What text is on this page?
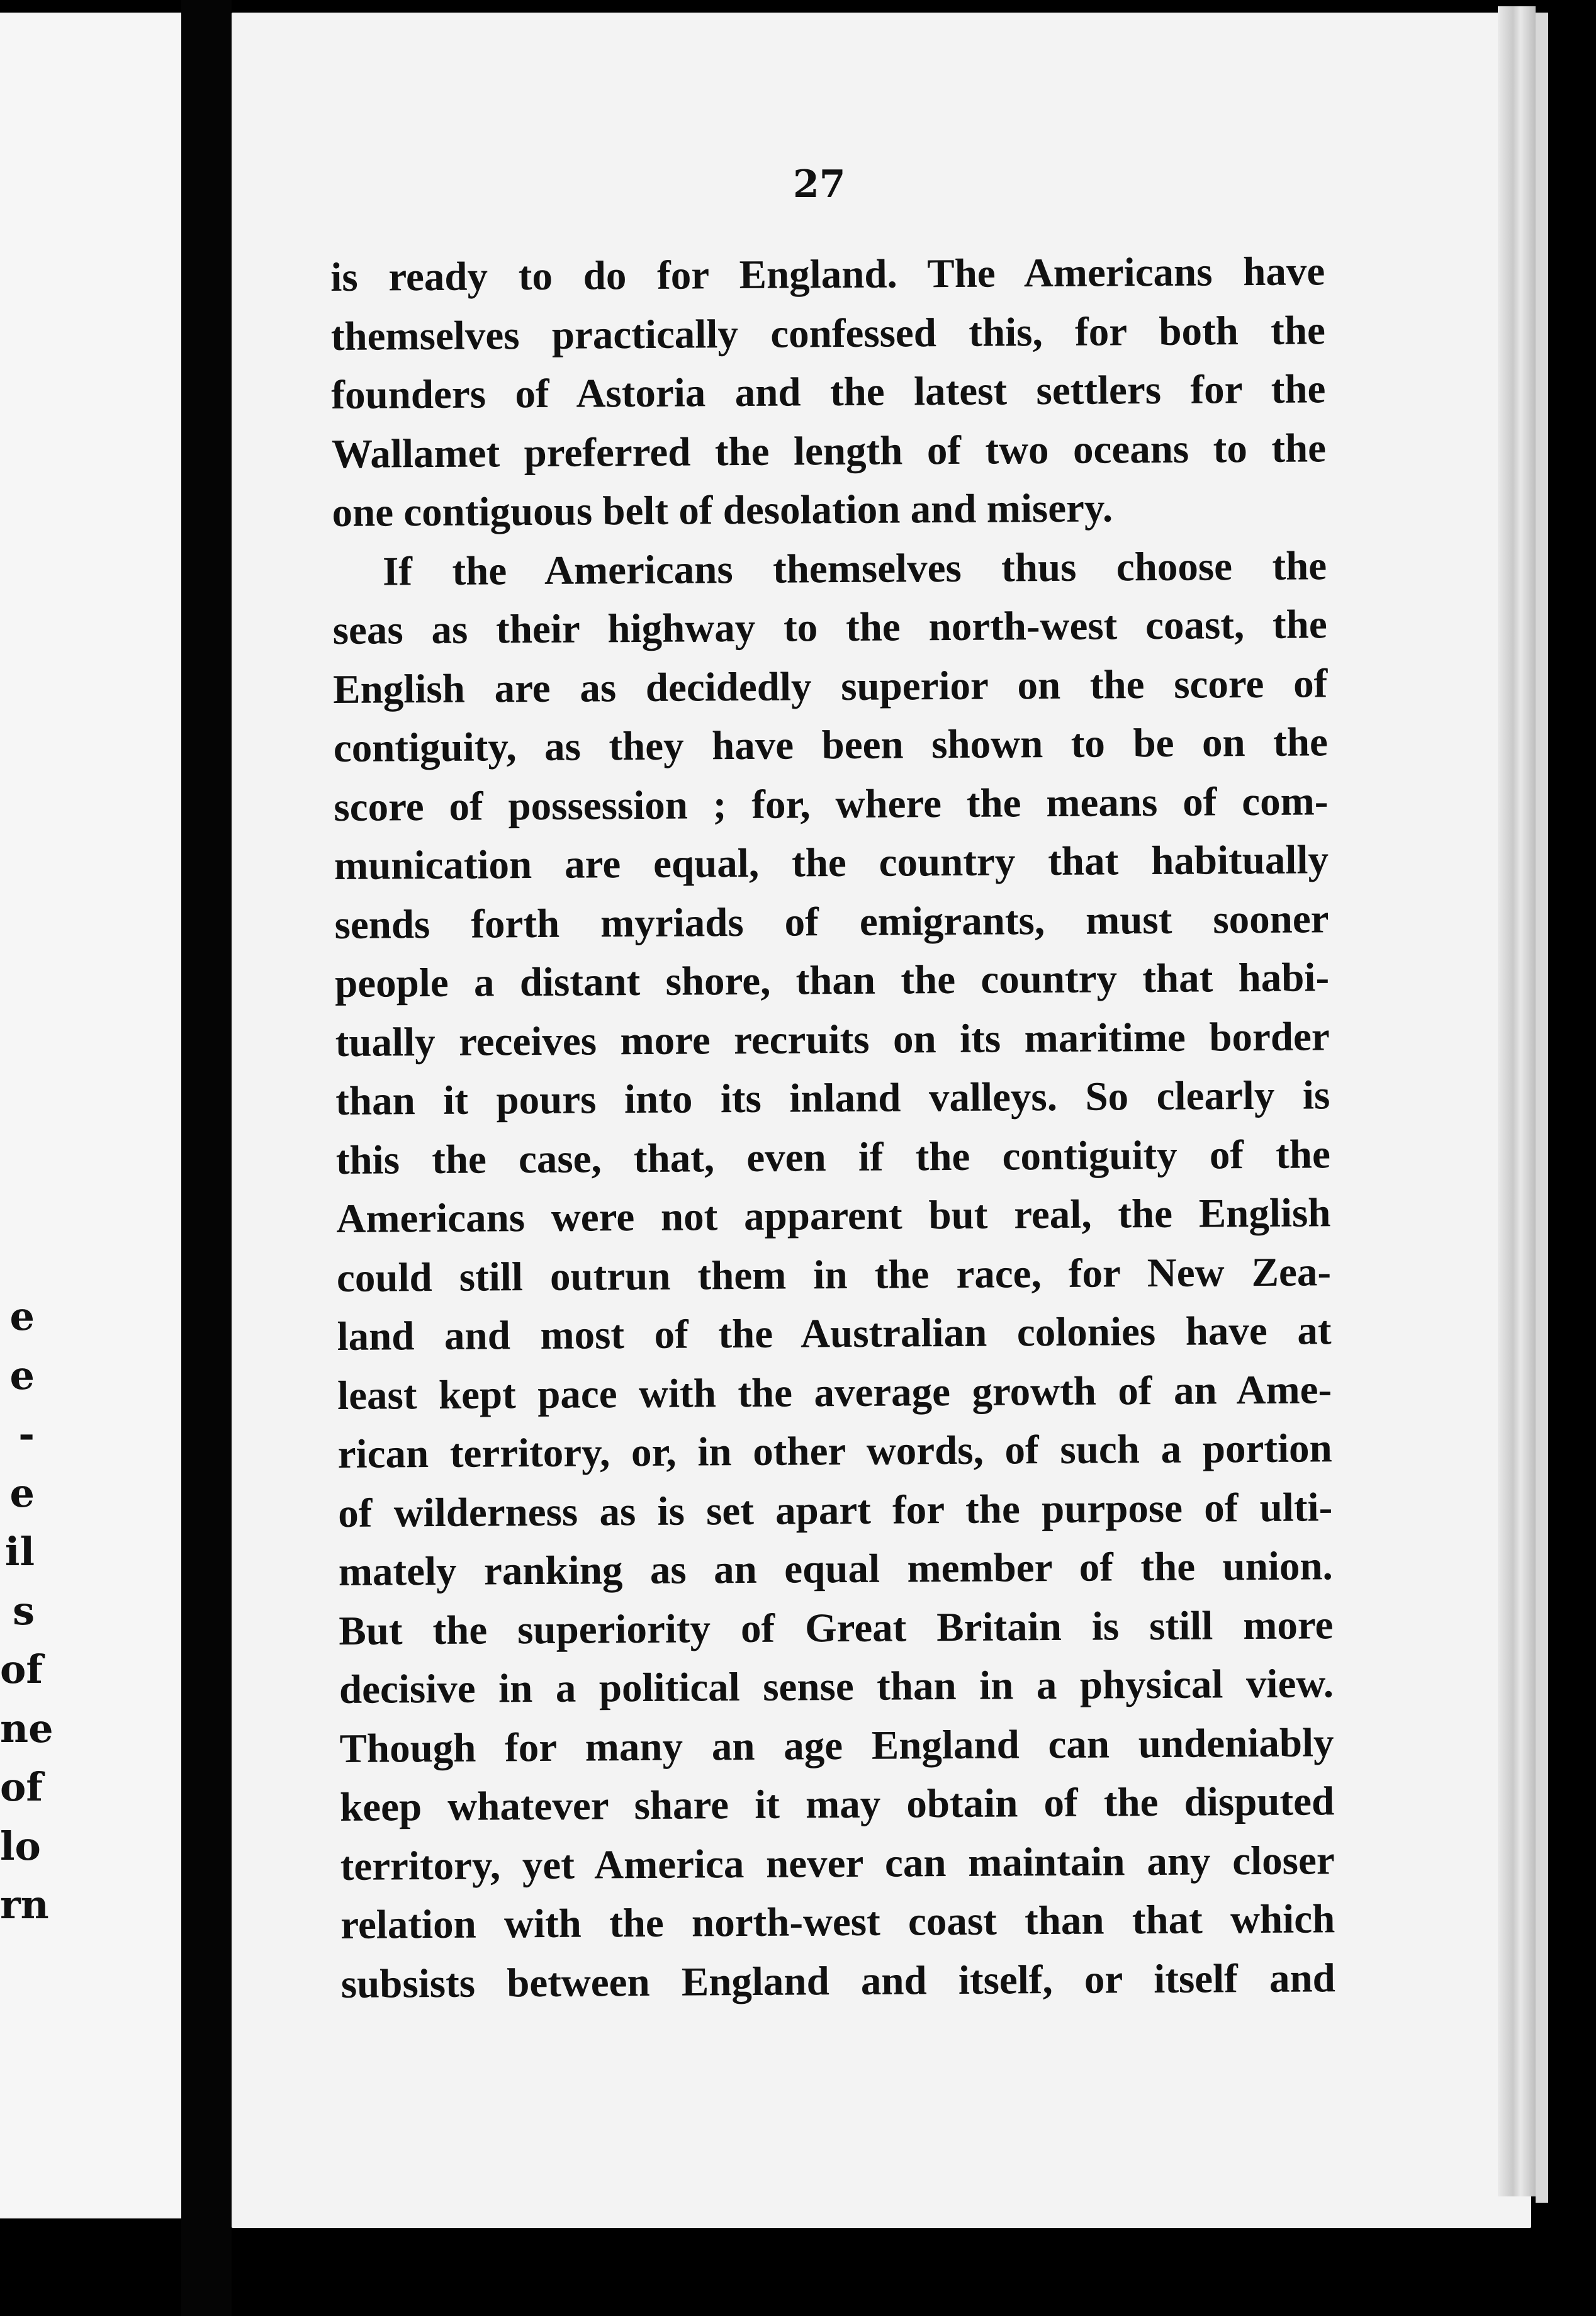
e
e
-
e
il
s
of
ne
of
lo
rn
27
is ready to do for England. The Americans have
themselves practically confessed this, for both the
founders of Astoria and the latest settlers for the
Wallamet preferred the length of two oceans to the
one contiguous belt of desolation and misery.
If the Americans themselves thus choose the
seas as their highway to the north-west coast, the
English are as decidedly superior on the score of
contiguity, as they have been shown to be on the
score of possession ; for, where the means of com-
munication are equal, the country that habitually
sends forth myriads of emigrants, must sooner
people a distant shore, than the country that habi-
tually receives more recruits on its maritime border
than it pours into its inland valleys. So clearly is
this the case, that, even if the contiguity of the
Americans were not apparent but real, the English
could still outrun them in the race, for New Zea-
land and most of the Australian colonies have at
least kept pace with the average growth of an Ame-
rican territory, or, in other words, of such a portion
of wilderness as is set apart for the purpose of ulti-
mately ranking as an equal member of the union.
But the superiority of Great Britain is still more
decisive in a political sense than in a physical view.
Though for many an age England can undeniably
keep whatever share it may obtain of the disputed
territory, yet America never can maintain any closer
relation with the north-west coast than that which
subsists between England and itself, or itself and
